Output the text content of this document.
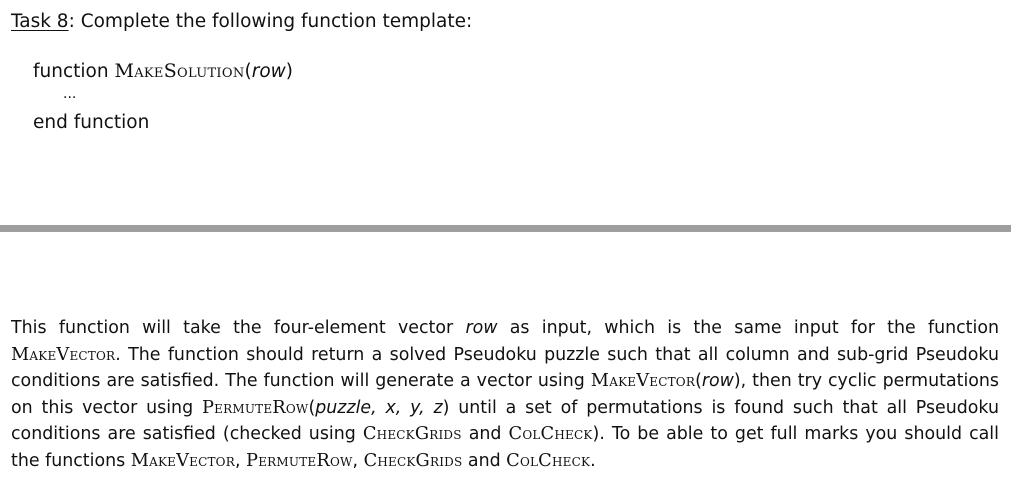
Task 8: Complete the following function template:
function MakeSolution(row)
...
end function
This function will take the four-element vector row as input, which is the same input for the function MakeVector. The function should return a solved Pseudoku puzzle such that all column and sub-grid Pseudoku conditions are satisfied. The function will generate a vector using MakeVector(row), then try cyclic permutations on this vector using PermuteRow(puzzle, x, y, z) until a set of permutations is found such that all Pseudoku conditions are satisfied (checked using CheckGrids and ColCheck). To be able to get full marks you should call the functions MakeVector, PermuteRow, CheckGrids and ColCheck.
